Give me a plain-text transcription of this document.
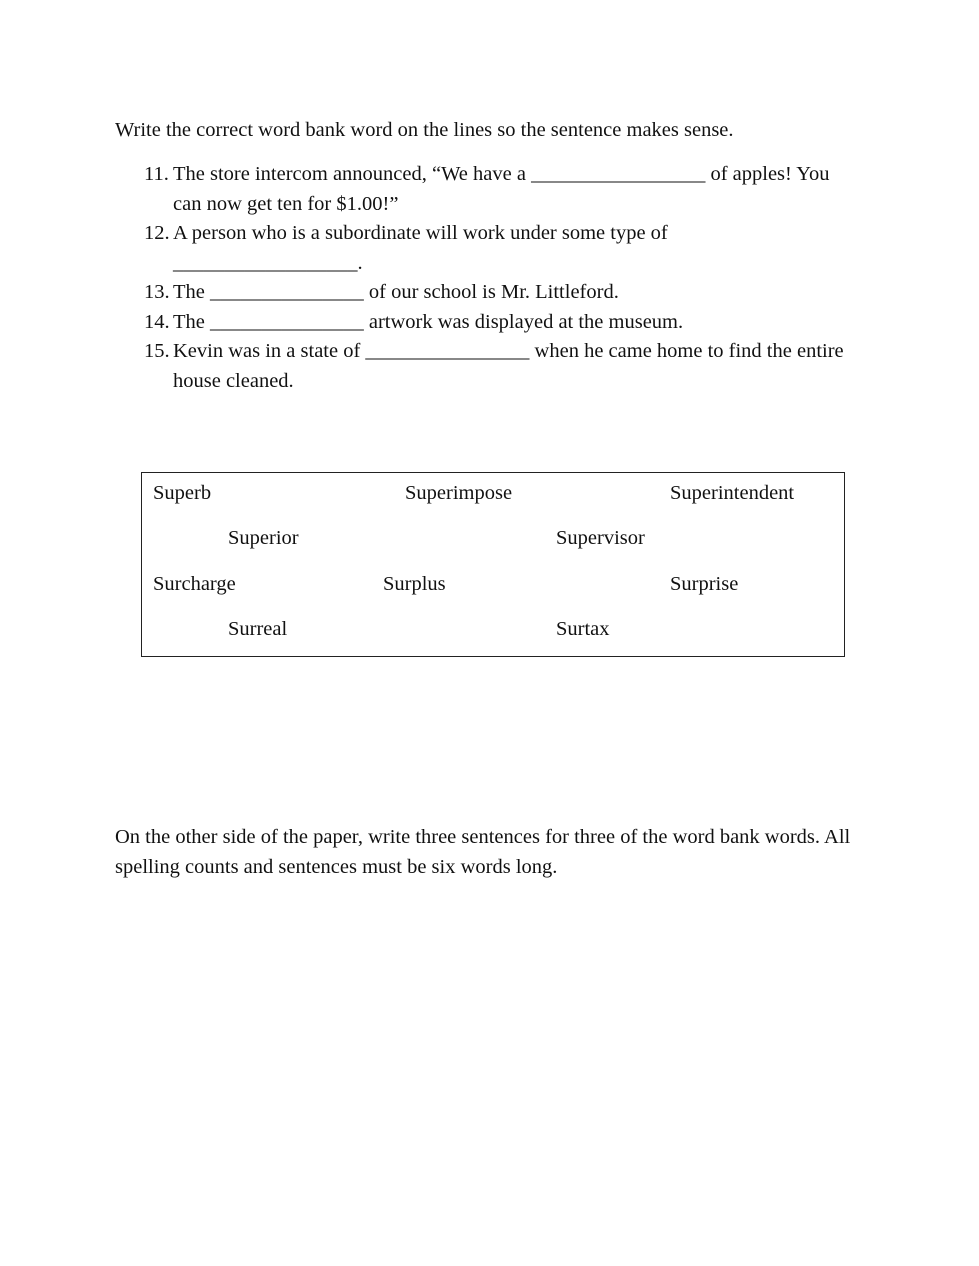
Write the correct word bank word on the lines so the sentence makes sense.
11. The store intercom announced, “We have a _________________ of apples! You can now get ten for $1.00!”
12. A person who is a subordinate will work under some type of __________________.
13. The _______________ of our school is Mr. Littleford.
14. The _______________ artwork was displayed at the museum.
15. Kevin was in a state of ________________ when he came home to find the entire house cleaned.
Superb	Superimpose	Superintendent
Superior	Supervisor
Surcharge	Surplus	Surprise
Surreal	Surtax
On the other side of the paper, write three sentences for three of the word bank words. All spelling counts and sentences must be six words long.
